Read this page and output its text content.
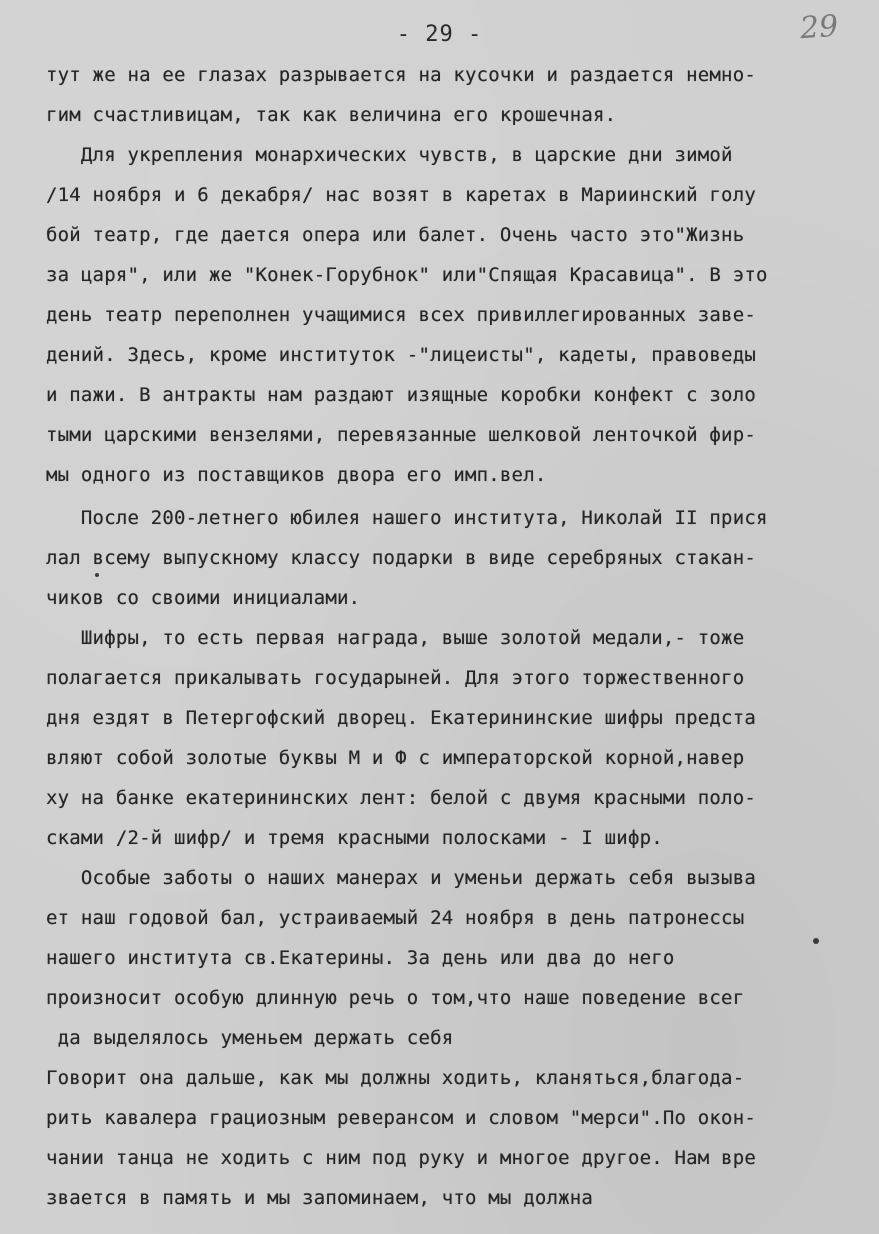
- 29 -	29
тут же на ее глазах разрывается на кусочки и раздается немно-
гим счастливицам, так как величина его крошечная.
Для укрепления монархических чувств, в царские дни зимой
/14 ноября и 6 декабря/ нас возят в каретах в Мариинский голу
бой театр, где дается опера или балет. Очень часто это"Жизнь
за царя", или же "Конек-Горубнок" или"Спящая Красавица". В это
день театр переполнен учащимися всех привиллегированных заве-
дений. Здесь, кроме институток -"лицеисты", кадеты, правоведы
и пажи. В антракты нам раздают изящные коробки конфект с золо
тыми царскими вензелями, перевязанные шелковой ленточкой фир-
мы одного из поставщиков двора его имп.вел.
После 200-летнего юбилея нашего института, Николай II прися
лал всему выпускному классу подарки в виде серебряных стакан-
чиков со своими инициалами.
Шифры, то есть первая награда, выше золотой медали,- тоже
полагается прикалывать государыней. Для этого торжественного
дня ездят в Петергофский дворец. Екатерининские шифры предста
вляют собой золотые буквы М и Ф с императорской корной,навер
ху на банке екатерининских лент: белой с двумя красными поло-
сками /2-й шифр/ и тремя красными полосками - I шифр.
Особые заботы о наших манерах и уменьи держать себя вызыва
ет наш годовой бал, устраиваемый 24 ноября в день патронессы
нашего института св.Екатерины. За день или два до него
произносит особую длинную речь о том,что наше поведение всег
да выделялось уменьем держать себя
Говорит она дальше, как мы должны ходить, кланяться,благода-
рить кавалера грациозным реверансом и словом "мерси".По окон-
чании танца не ходить с ним под руку и многое другое. Нам вре
звается в память и мы запоминаем, что мы должна
